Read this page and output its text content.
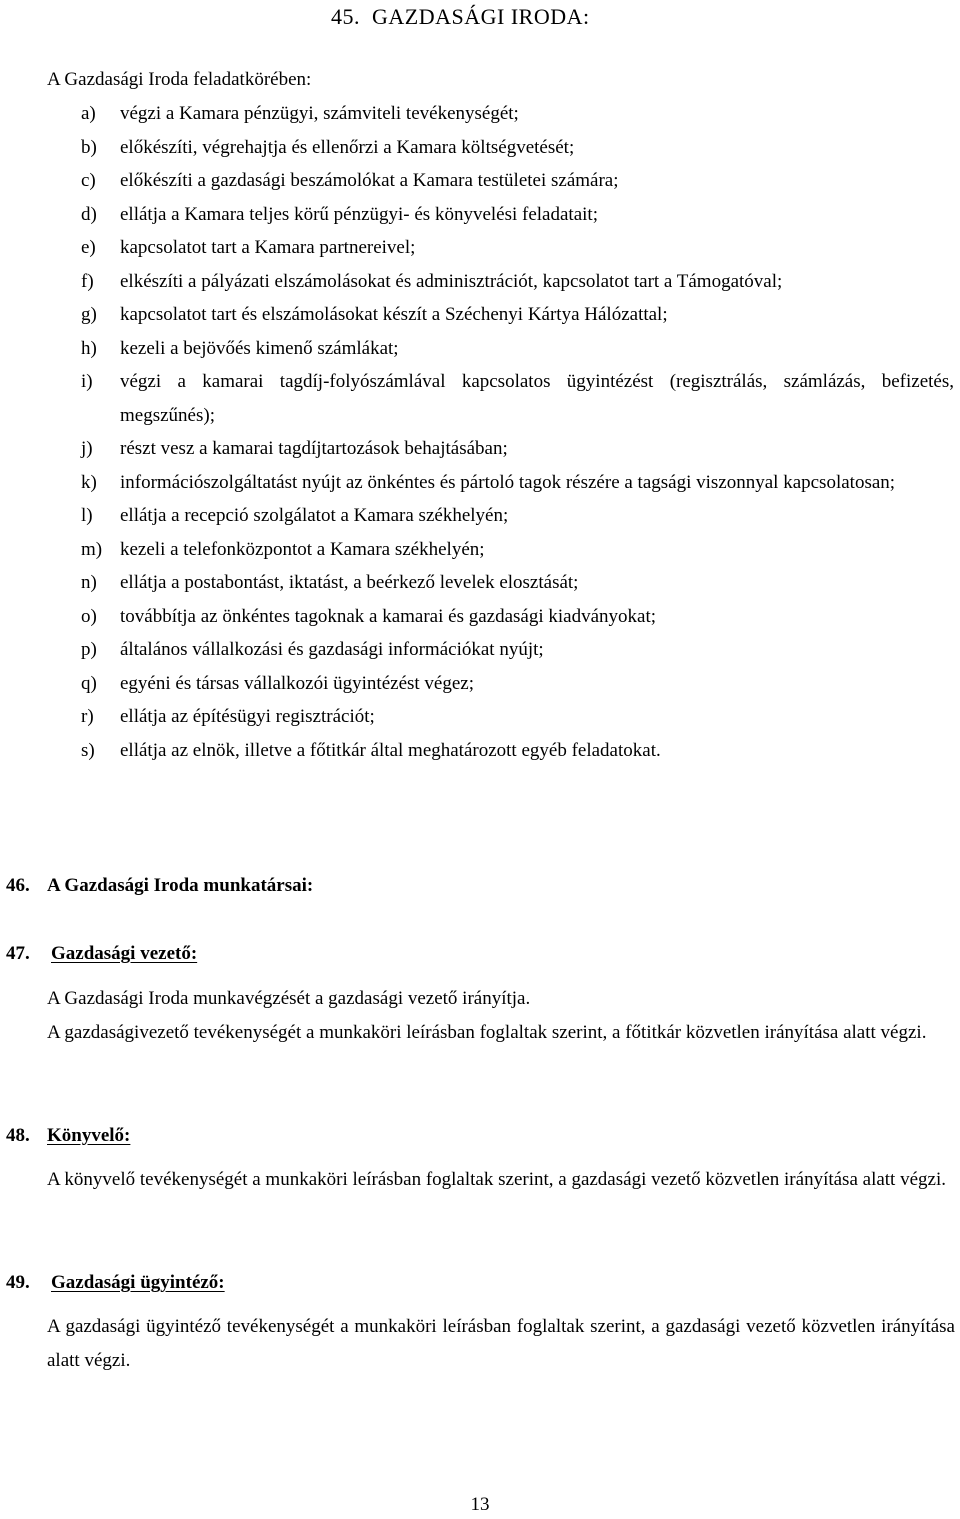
45. GAZDASÁGI IRODA:

A Gazdasági Iroda feladatkörében:

a)	végzi a Kamara pénzügyi, számviteli tevékenységét;
b)	előkészíti, végrehajtja és ellenőrzi a Kamara költségvetését;
c)	előkészíti a gazdasági beszámolókat a Kamara testületei számára;
d)	ellátja a Kamara teljes körű pénzügyi- és könyvelési feladatait;
e)	kapcsolatot tart a Kamara partnereivel;
f)	elkészíti a pályázati elszámolásokat és adminisztrációt, kapcsolatot tart a Támogatóval;
g)	kapcsolatot tart és elszámolásokat készít a Széchenyi Kártya Hálózattal;
h)	kezeli a bejövőés kimenő számlákat;
i)	végzi a kamarai tagdíj-folyószámlával kapcsolatos ügyintézést (regisztrálás, számlázás, befizetés, megszűnés);
j)	részt vesz a kamarai tagdíjtartozások behajtásában;
k)	információszolgáltatást nyújt az önkéntes és pártoló tagok részére a tagsági viszonnyal kapcsolatosan;
l)	ellátja a recepció szolgálatot a Kamara székhelyén;
m) kezeli a telefonközpontot a Kamara székhelyén;
n)	ellátja a postabontást, iktatást, a beérkező levelek elosztását;
o)	továbbítja az önkéntes tagoknak a kamarai és gazdasági kiadványokat;
p)	általános vállalkozási és gazdasági információkat nyújt;
q)	egyéni és társas vállalkozói ügyintézést végez;
r)	ellátja az építésügyi regisztrációt;
s)	ellátja az elnök, illetve a főtitkár által meghatározott egyéb feladatokat.
46. A Gazdasági Iroda munkatársai:
47. Gazdasági vezető:

A Gazdasági Iroda munkavégzését a gazdasági vezető irányítja.

A gazdaságivezető tevékenységét a munkaköri leírásban foglaltak szerint, a főtitkár közvetlen irányítása alatt végzi.

48. Könyvelő:

A könyvelő tevékenységét a munkaköri leírásban foglaltak szerint, a gazdasági vezető közvetlen irányítása alatt végzi.

49. Gazdasági ügyintéző:

A gazdasági ügyintéző tevékenységét a munkaköri leírásban foglaltak szerint, a gazdasági vezető közvetlen irányítása alatt végzi.

13
